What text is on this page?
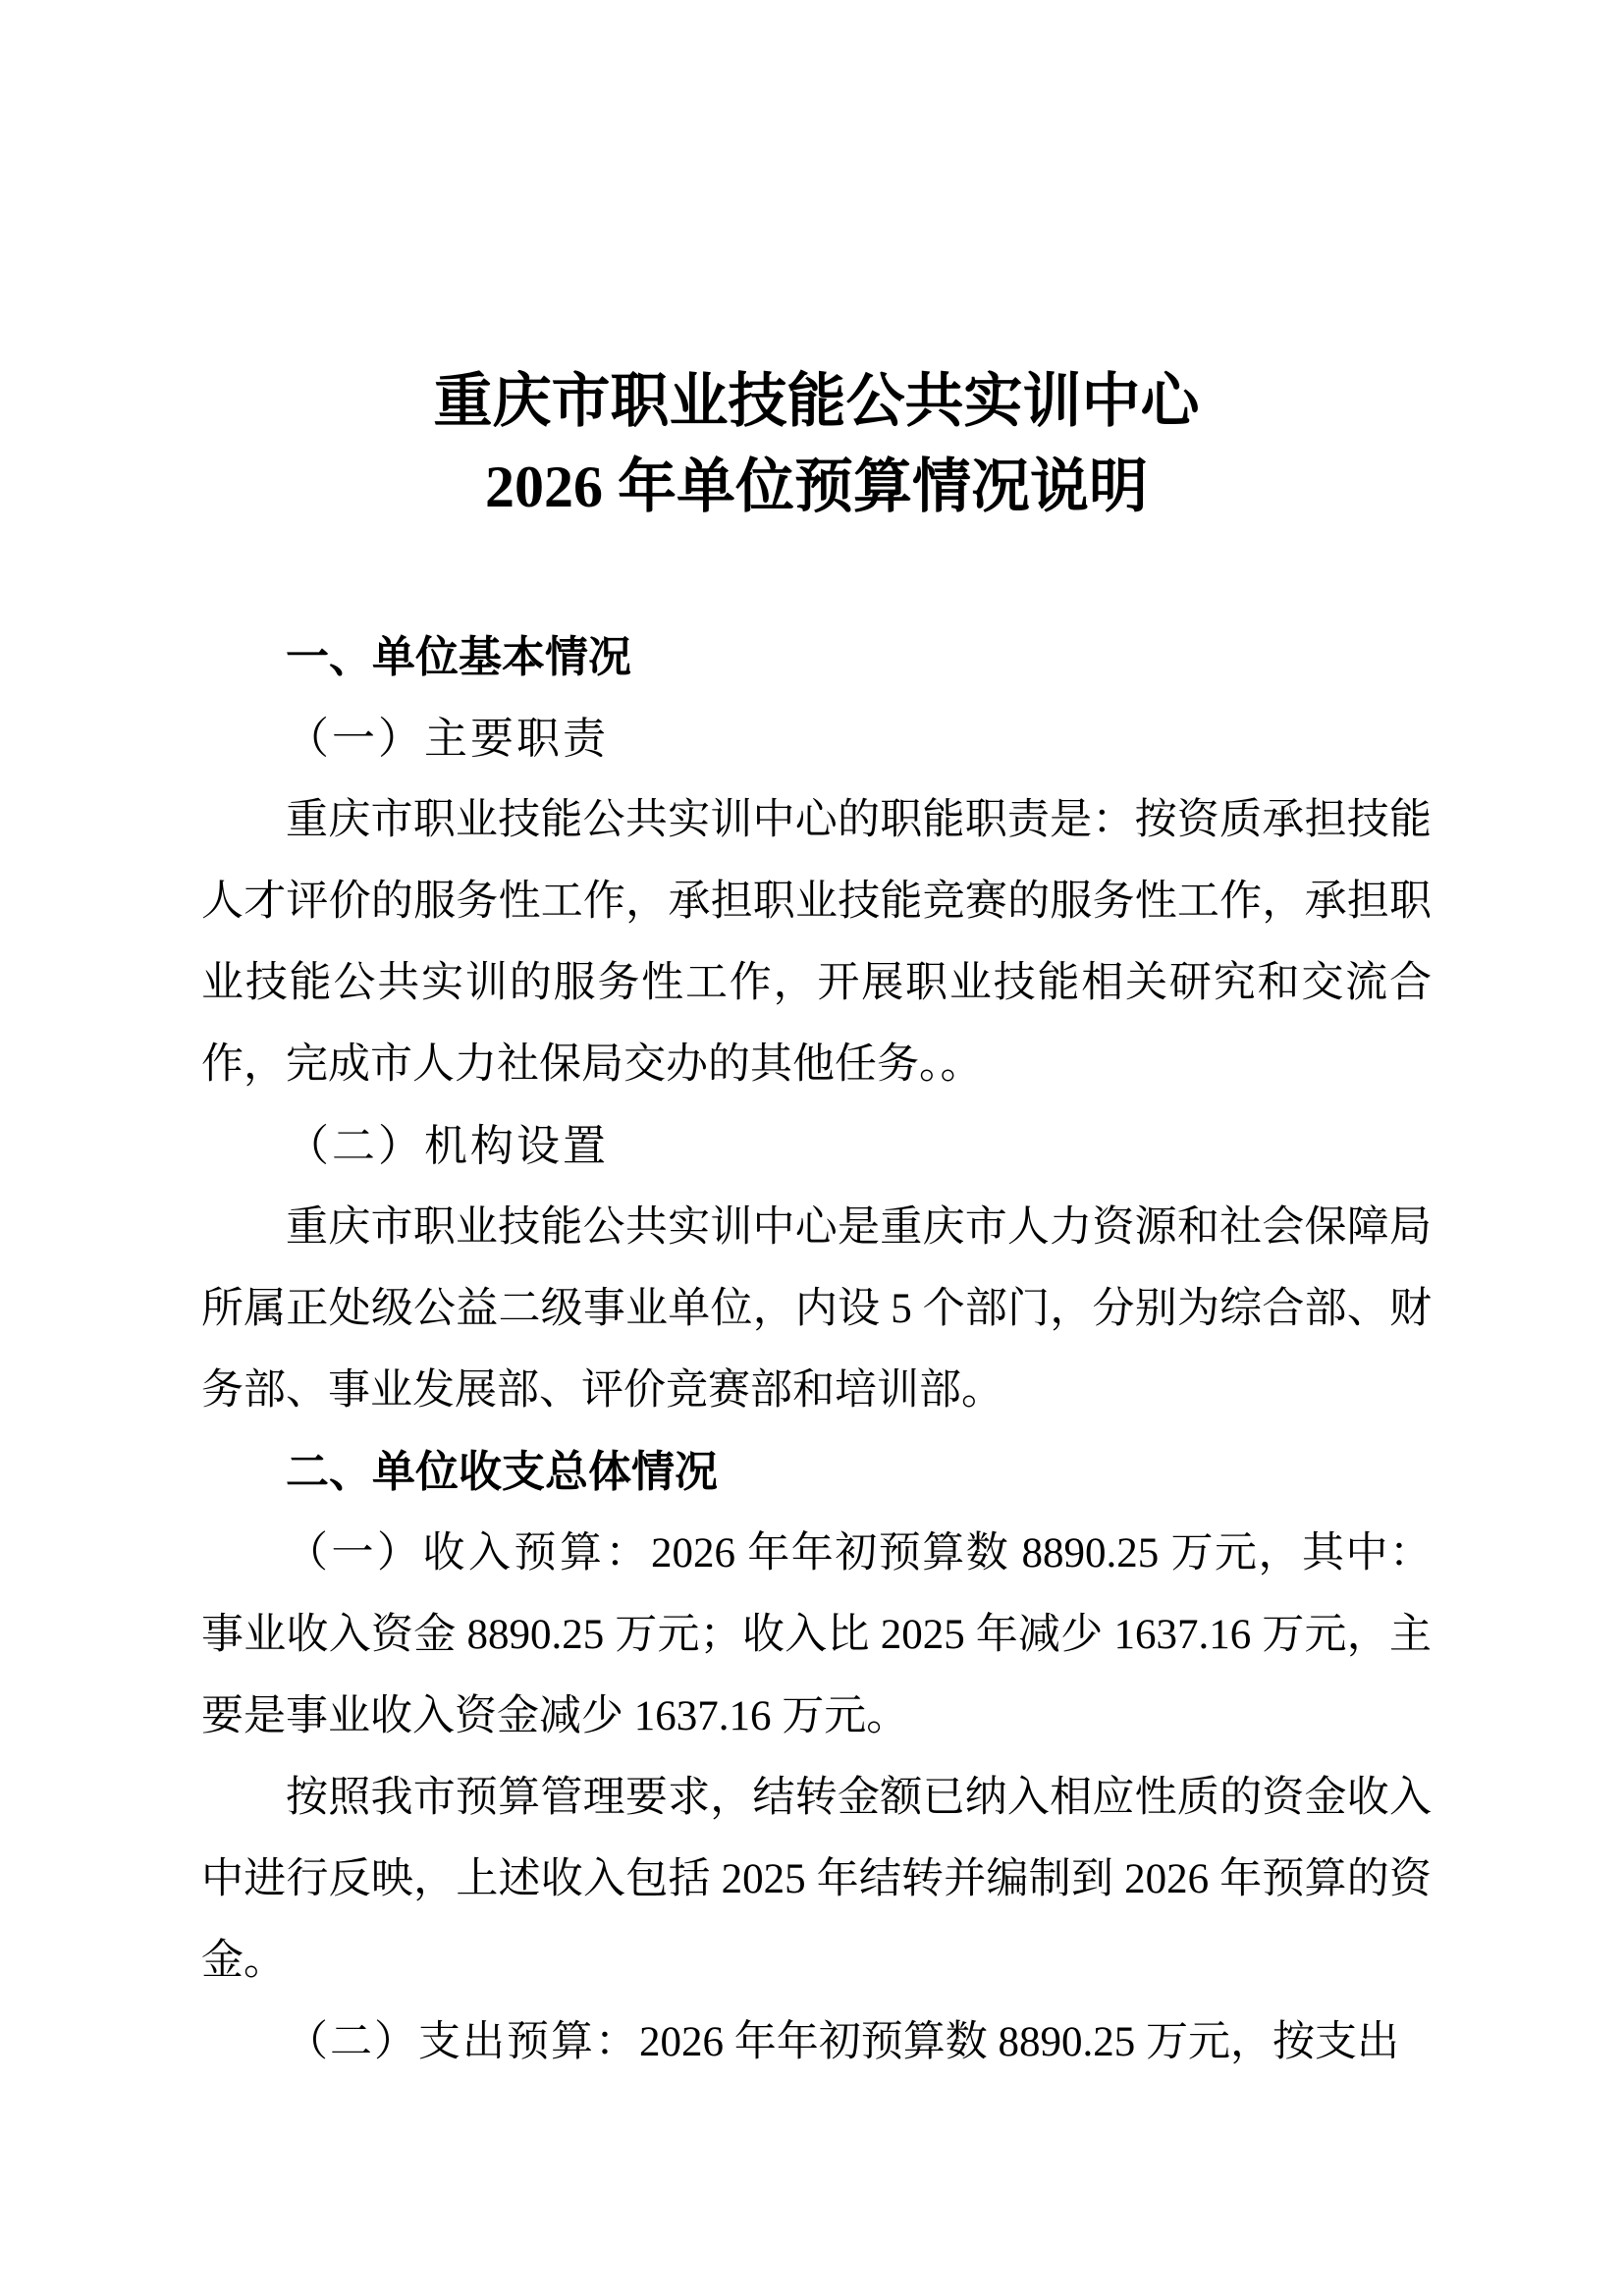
重庆市职业技能公共实训中心
2026 年单位预算情况说明

一、单位基本情况

（一）主要职责

重庆市职业技能公共实训中心的职能职责是：按资质承担技能人才评价的服务性工作，承担职业技能竞赛的服务性工作，承担职业技能公共实训的服务性工作，开展职业技能相关研究和交流合作，完成市人力社保局交办的其他任务。。

（二）机构设置

重庆市职业技能公共实训中心是重庆市人力资源和社会保障局所属正处级公益二级事业单位，内设 5 个部门，分别为综合部、财务部、事业发展部、评价竞赛部和培训部。

二、单位收支总体情况

（一）收入预算：2026 年年初预算数 8890.25 万元，其中：事业收入资金 8890.25 万元；收入比 2025 年减少 1637.16 万元，主要是事业收入资金减少 1637.16 万元。

按照我市预算管理要求，结转金额已纳入相应性质的资金收入中进行反映，上述收入包括 2025 年结转并编制到 2026 年预算的资金。

（二）支出预算：2026 年年初预算数 8890.25 万元，按支出
